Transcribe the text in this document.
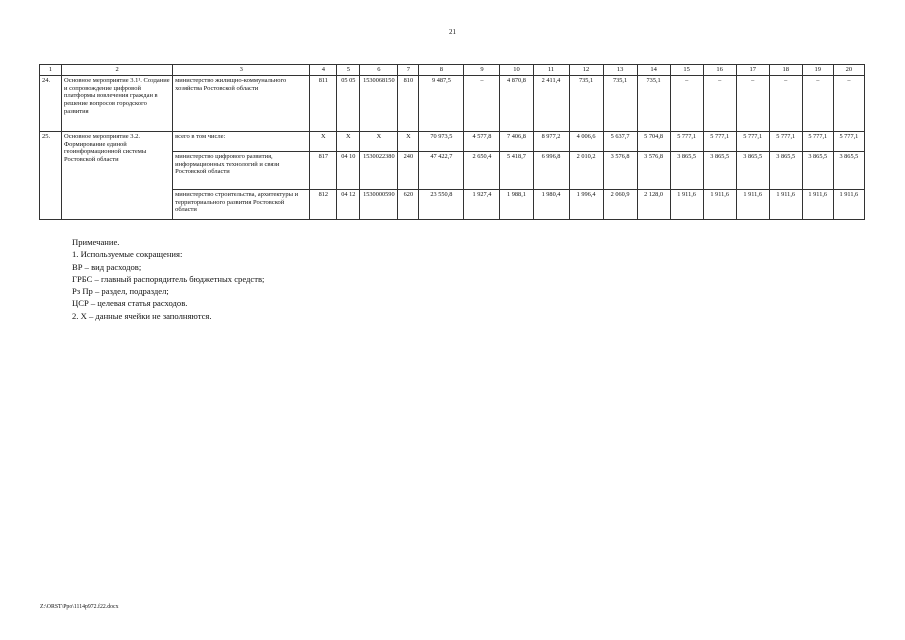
21
1	2	3	4	5	6	7	8	9	10	11	12	13	14	15	16	17	18	19	20
24.	Основное мероприятие 3.1¹. Создание и сопровождение цифровой платформы вовлечения граждан в решение вопросов городского развития	министерство жилищно-коммунального хозяйства Ростовской области	811	05 05	1530068150	810	9 487,5	–	4 870,8	2 411,4	735,1	735,1	735,1	–	–	–	–	–	–
25.	Основное мероприятие 3.2. Формирование единой геоинформационной системы Ростовской области	всего в том числе:	Х	Х	Х	Х	70 973,5	4 577,8	7 406,8	8 977,2	4 006,6	5 637,7	5 704,8	5 777,1	5 777,1	5 777,1	5 777,1	5 777,1	5 777,1
		министерство цифрового развития, информационных технологий и связи Ростовской области	817	04 10	1530022380	240	47 422,7	2 650,4	5 418,7	6 996,8	2 010,2	3 576,8	3 576,8	3 865,5	3 865,5	3 865,5	3 865,5	3 865,5	3 865,5
		министерство строительства, архитектуры и территориального развития Ростовской области	812	04 12	1530000590	620	23 550,8	1 927,4	1 988,1	1 980,4	1 996,4	2 060,9	2 128,0	1 911,6	1 911,6	1 911,6	1 911,6	1 911,6	1 911,6
Примечание.
1. Используемые сокращения:
ВР – вид расходов;
ГРБС – главный распорядитель бюджетных средств;
Рз Пр – раздел, подраздел;
ЦСР – целевая статья расходов.
2. Х – данные ячейки не заполняются.
Z:\ORST\Ppo\1114p972.f22.docx
